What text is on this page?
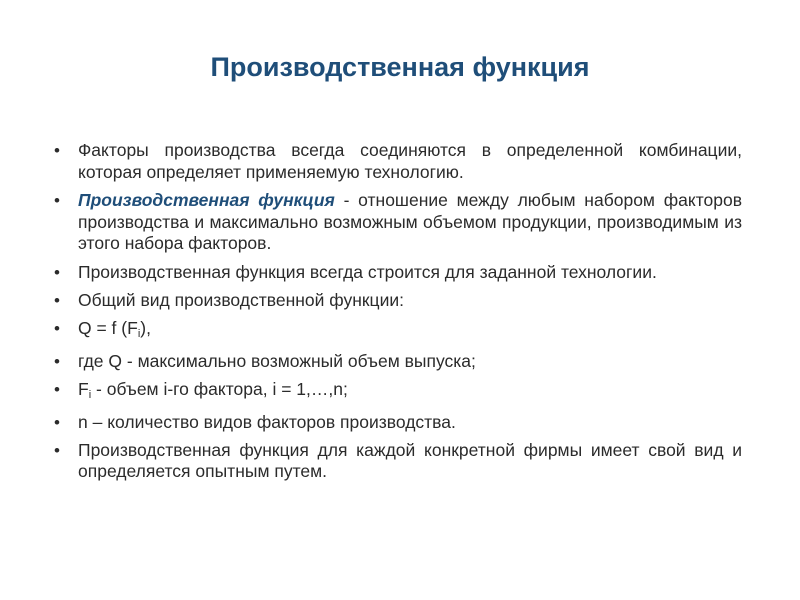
Производственная функция
• Факторы производства всегда соединяются в определенной комбинации, которая определяет применяемую технологию.
• Производственная функция - отношение между любым набором факторов производства и максимально возможным объемом продукции, производимым из этого набора факторов.
• Производственная функция всегда строится для заданной технологии.
• Общий вид производственной функции:
• Q = f $(F_i)$,
• где Q - максимально возможный объем выпуска;
• $F_i$ - объем i-го фактора, i = 1,…,n;
• n – количество видов факторов производства.
• Производственная функция для каждой конкретной фирмы имеет свой вид и определяется опытным путем.
